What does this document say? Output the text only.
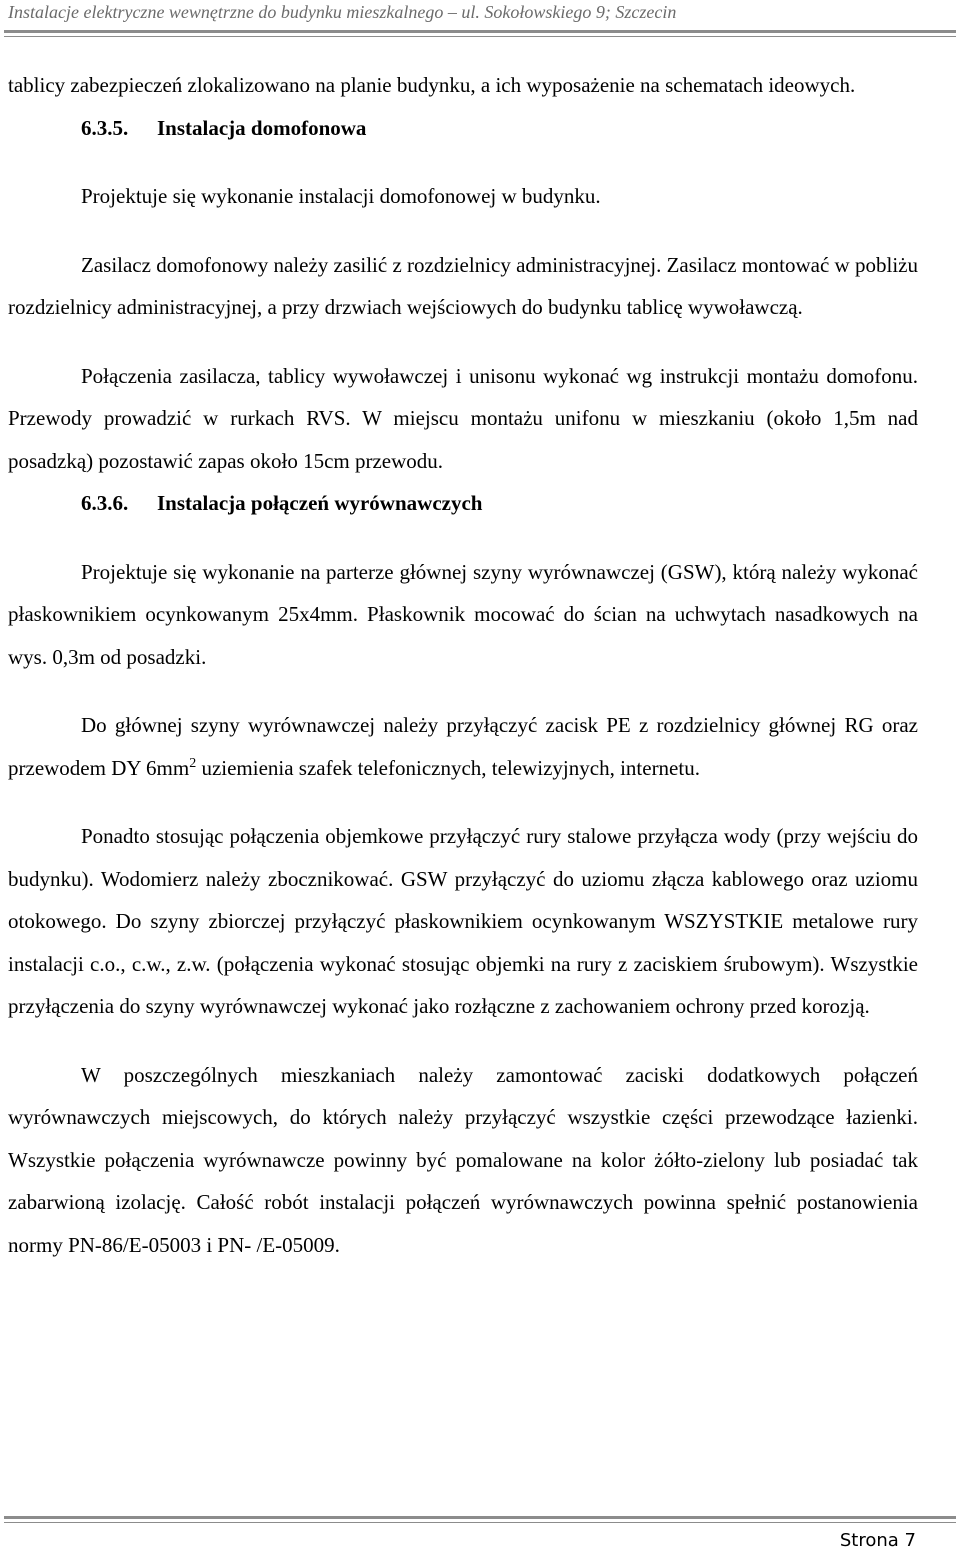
Instalacje elektryczne wewnętrzne do budynku mieszkalnego – ul. Sokołowskiego 9; Szczecin

tablicy zabezpieczeń zlokalizowano na planie budynku, a ich wyposażenie na schematach ideowych.

6.3.5. Instalacja domofonowa

Projektuje się wykonanie instalacji domofonowej w budynku.

Zasilacz domofonowy należy zasilić z rozdzielnicy administracyjnej. Zasilacz montować w pobliżu rozdzielnicy administracyjnej, a przy drzwiach wejściowych do budynku tablicę wywoławczą.

Połączenia zasilacza, tablicy wywoławczej i unisonu wykonać wg instrukcji montażu domofonu. Przewody prowadzić w rurkach RVS. W miejscu montażu unifonu w mieszkaniu (około 1,5m nad posadzką) pozostawić zapas około 15cm przewodu.

6.3.6. Instalacja połączeń wyrównawczych

Projektuje się wykonanie na parterze głównej szyny wyrównawczej (GSW), którą należy wykonać płaskownikiem ocynkowanym 25x4mm. Płaskownik mocować do ścian na uchwytach nasadkowych na wys. 0,3m od posadzki.

Do głównej szyny wyrównawczej należy przyłączyć zacisk PE z rozdzielnicy głównej RG oraz przewodem DY $6mm^2$ uziemienia szafek telefonicznych, telewizyjnych, internetu.

Ponadto stosując połączenia objemkowe przyłączyć rury stalowe przyłącza wody (przy wejściu do budynku). Wodomierz należy zbocznikować. GSW przyłączyć do uziomu złącza kablowego oraz uziomu otokowego. Do szyny zbiorczej przyłączyć płaskownikiem ocynkowanym WSZYSTKIE metalowe rury instalacji c.o., c.w., z.w. (połączenia wykonać stosując objemki na rury z zaciskiem śrubowym). Wszystkie przyłączenia do szyny wyrównawczej wykonać jako rozłączne z zachowaniem ochrony przed korozją.

W poszczególnych mieszkaniach należy zamontować zaciski dodatkowych połączeń wyrównawczych miejscowych, do których należy przyłączyć wszystkie części przewodzące łazienki. Wszystkie połączenia wyrównawcze powinny być pomalowane na kolor żółto-zielony lub posiadać tak zabarwioną izolację. Całość robót instalacji połączeń wyrównawczych powinna spełnić postanowienia normy PN-86/E-05003 i PN- /E-05009.

Strona 7
